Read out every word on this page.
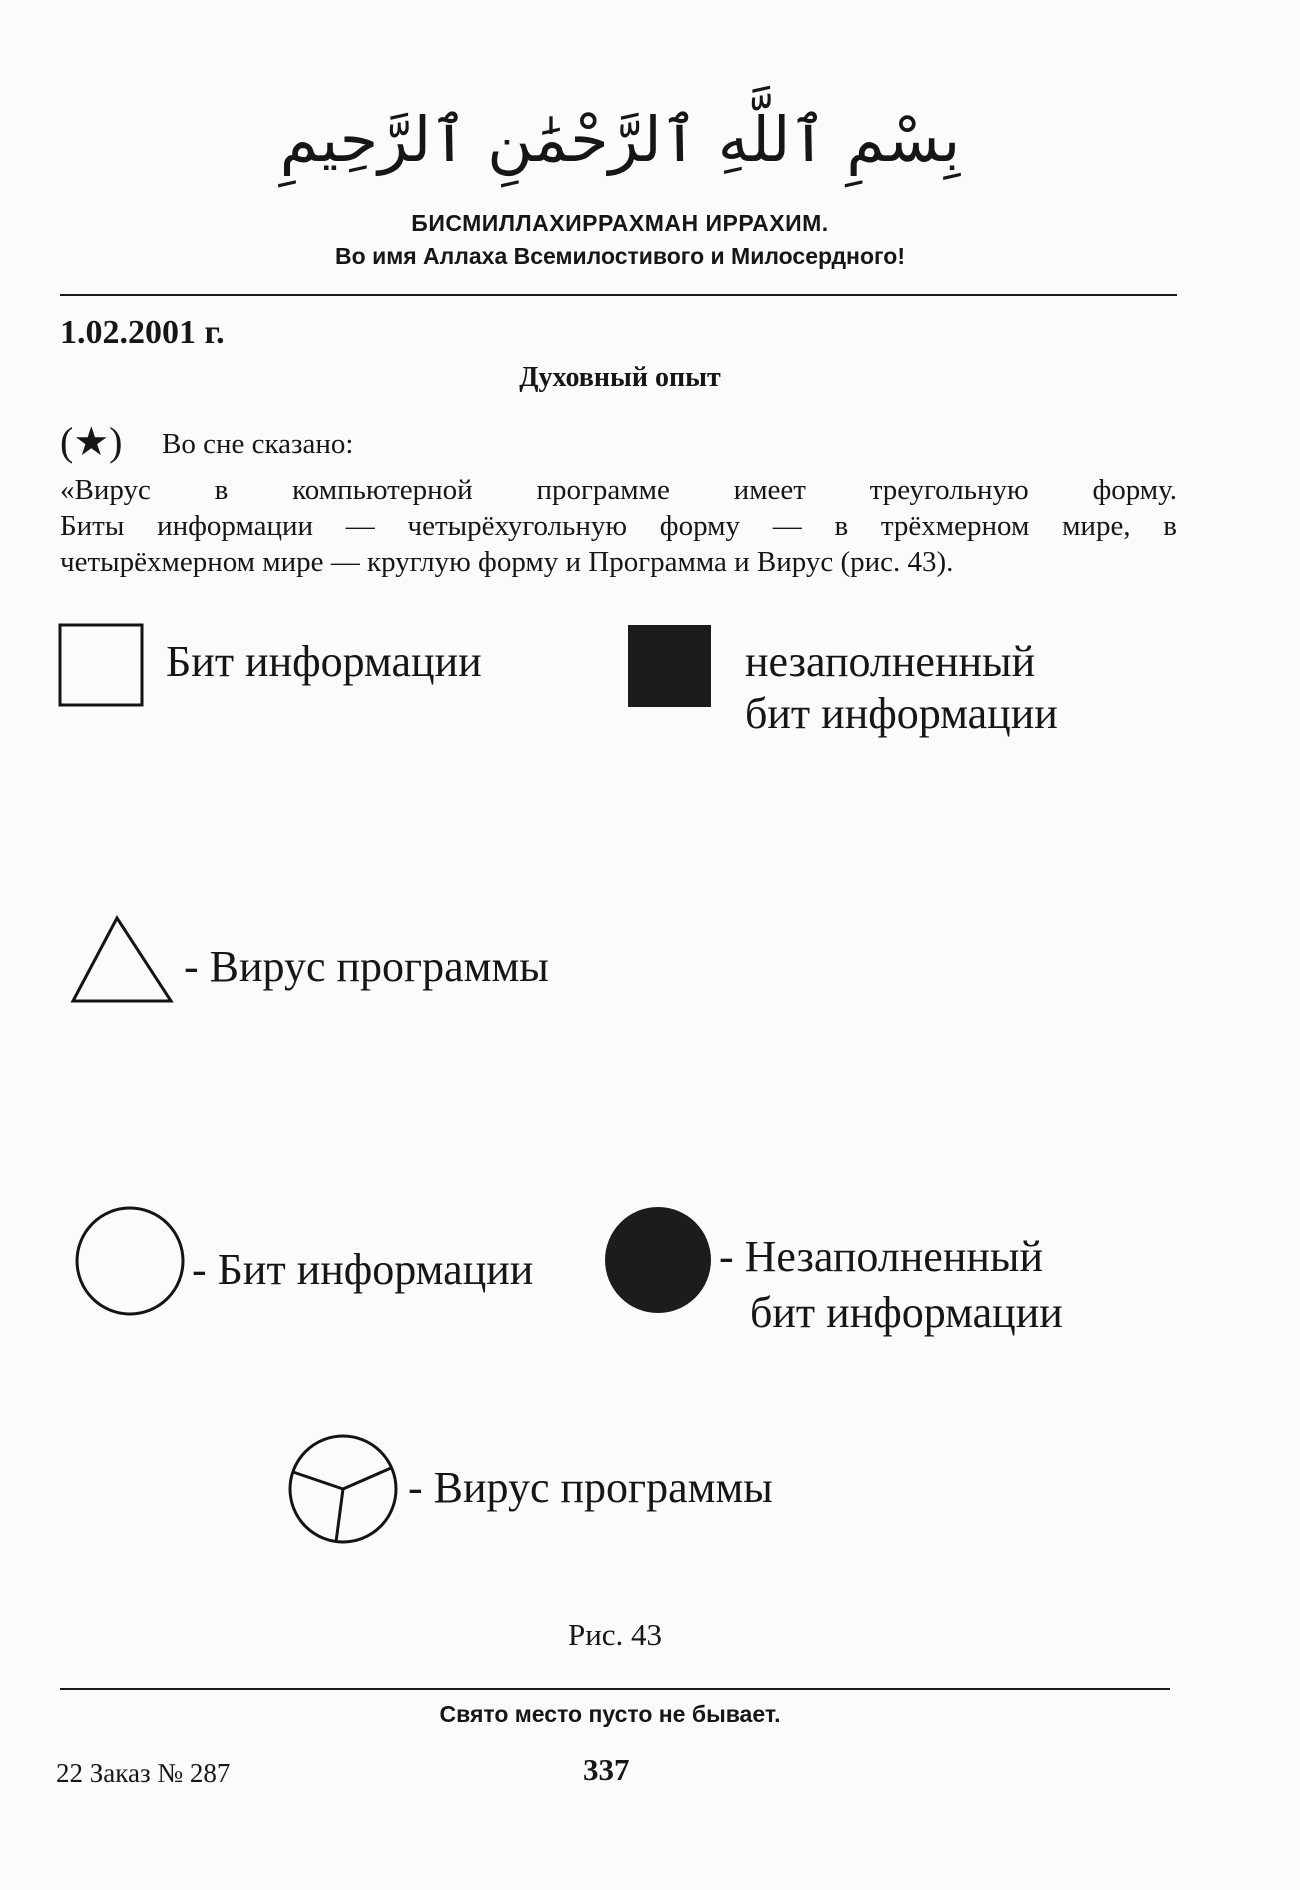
بِسْمِ ٱللَّهِ ٱلرَّحْمَٰنِ ٱلرَّحِيمِ
БИСМИЛЛАХИРРАХМАН ИРРАХИМ.
Во имя Аллаха Всемилостивого и Милосердного!
1.02.2001 г.
Духовный опыт
(★) Во сне сказано:
«Вирус в компьютерной программе имеет треугольную форму.
Биты информации — четырёхугольную форму — в трёхмерном мире, в
четырёхмерном мире — круглую форму и Программа и Вирус (рис. 43).
Бит информации	незаполненный
бит информации
- Вирус программы
- Бит информации	- Незаполненный
бит информации
- Вирус программы
Рис. 43
Свято место пусто не бывает.
22 Заказ № 287	337
